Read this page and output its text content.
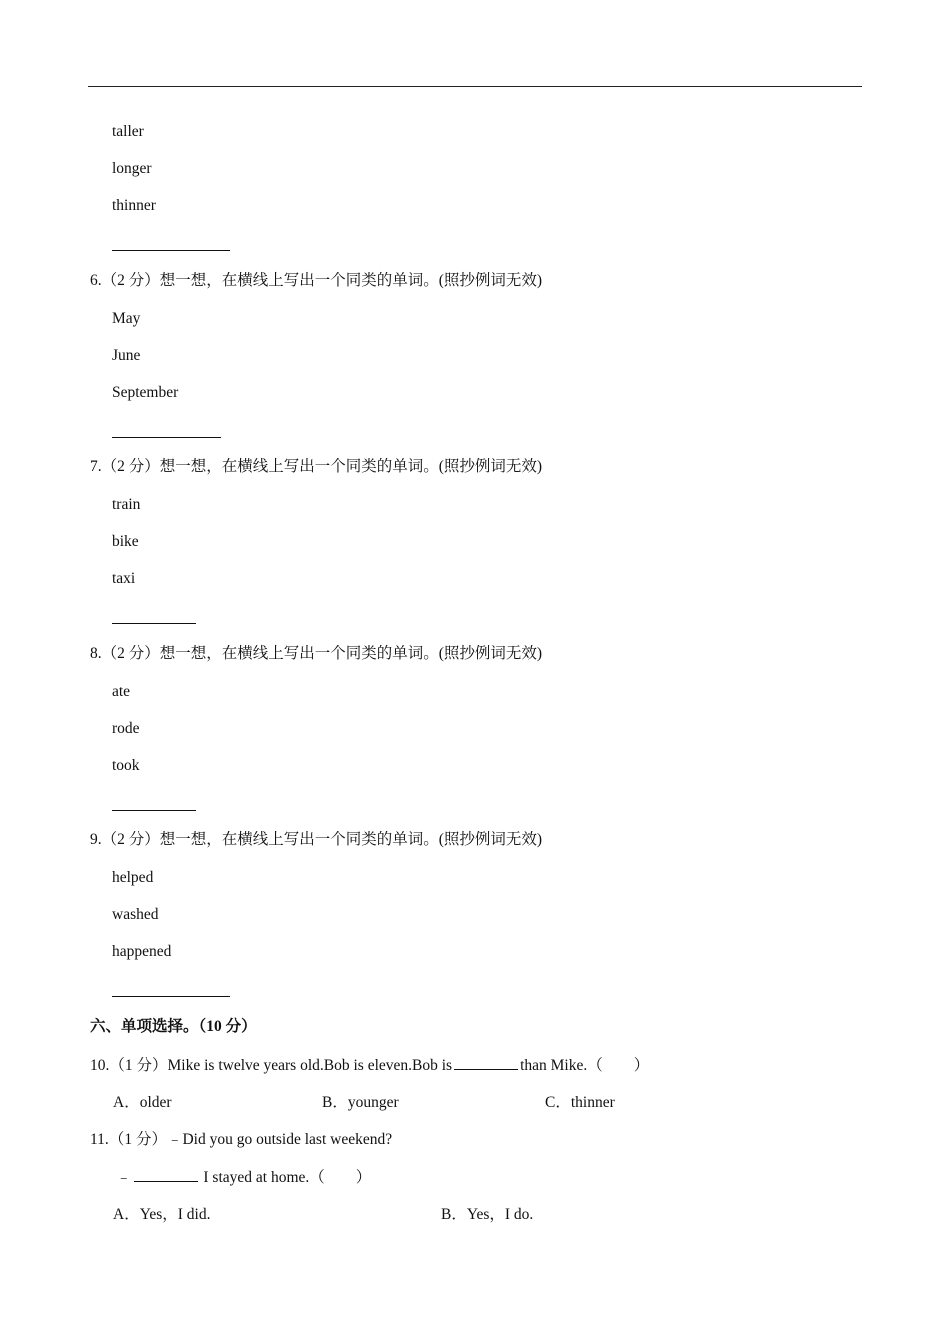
taller
longer
thinner
6.（2 分）想一想，在横线上写出一个同类的单词。(照抄例词无效)
May
June
September
7.（2 分）想一想，在横线上写出一个同类的单词。(照抄例词无效)
train
bike
taxi
8.（2 分）想一想，在横线上写出一个同类的单词。(照抄例词无效)
ate
rode
took
9.（2 分）想一想，在横线上写出一个同类的单词。(照抄例词无效)
helped
washed
happened
六、单项选择。（10 分）
10.（1 分）Mike is twelve years old.Bob is eleven.Bob is	than Mike.（　　）
A．older	B．younger	C．thinner
11.（1 分）﹣Did you go outside last weekend?
﹣	I stayed at home.（　　）
A．Yes，I did.	B．Yes，I do.
